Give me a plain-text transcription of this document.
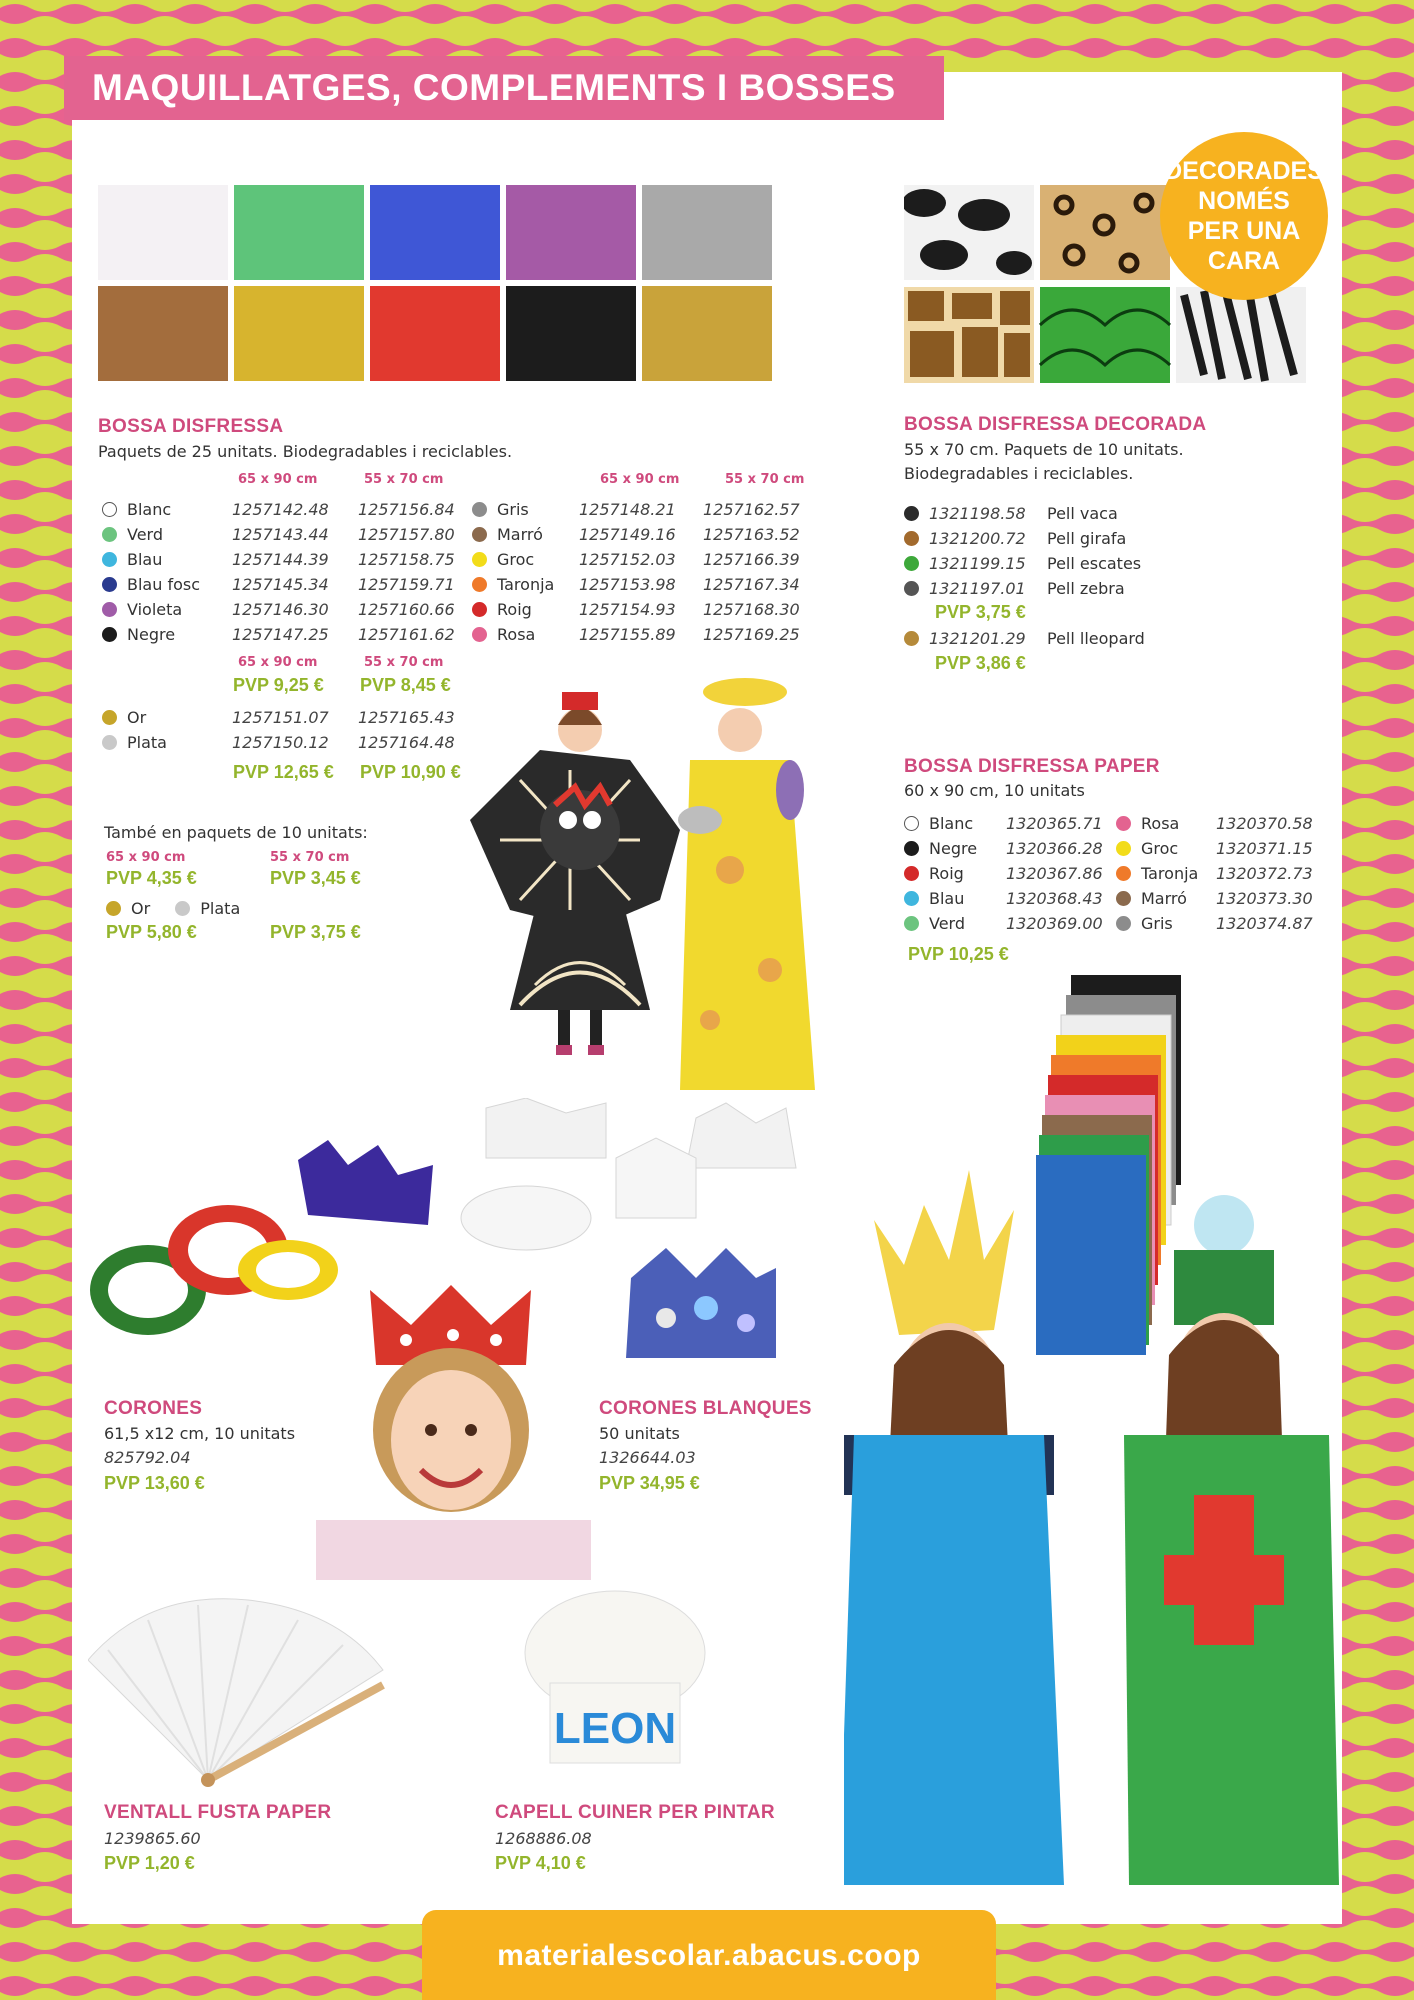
MAQUILLATGES, COMPLEMENTS I BOSSES DISFRESSA	DECORADES
NOMÉS
PER UNA
CARA
BOSSA DISFRESSA
Paquets de 25 unitats. Biodegradables i reciclables.
65 x 90 cm	55 x 70 cm	65 x 90 cm	55 x 70 cm
Blanc	1257142.48 1257156.84
Verd	1257143.44 1257157.80
Blau	1257144.39 1257158.75
Blau fosc 1257145.34 1257159.71
Violeta	1257146.30 1257160.66
Negre	1257147.25 1257161.62
Gris	1257148.21 1257162.57
Marró 1257149.16 1257163.52
Groc	1257152.03 1257166.39
Taronja 1257153.98 1257167.34
Roig	1257154.93 1257168.30
Rosa	1257155.89 1257169.25
65 x 90 cm	55 x 70 cm
PVP 9,25 € PVP 8,45 €
Or	1257151.07 1257165.43
Plata	1257150.12 1257164.48
PVP 12,65 € PVP 10,90 €
També en paquets de 10 unitats:
65 x 90 cm	55 x 70 cm
PVP 4,35 €	PVP 3,45 €
Or	Plata
PVP 5,80 €	PVP 3,75 €
BOSSA DISFRESSA DECORADA
55 x 70 cm. Paquets de 10 unitats.
Biodegradables i reciclables.
1321198.58 Pell vaca
1321200.72 Pell girafa
1321199.15 Pell escates
1321197.01 Pell zebra
PVP 3,75 €
1321201.29 Pell lleopard
PVP 3,86 €
BOSSA DISFRESSA PAPER
60 x 90 cm, 10 unitats
Blanc 1320365.71
Negre 1320366.28
Roig	1320367.86
Blau	1320368.43
Verd	1320369.00
Rosa 1320370.58
Groc 1320371.15
Taronja 1320372.73
Marró 1320373.30
Gris	1320374.87
PVP 10,25 €
LEON
CORONES
61,5 x12 cm, 10 unitats
825792.04
PVP 13,60 €
CORONES BLANQUES
50 unitats
1326644.03
PVP 34,95 €
VENTALL FUSTA PAPER
1239865.60
PVP 1,20 €
CAPELL CUINER PER PINTAR
1268886.08
PVP 4,10 €
materialescolar.abacus.coop
